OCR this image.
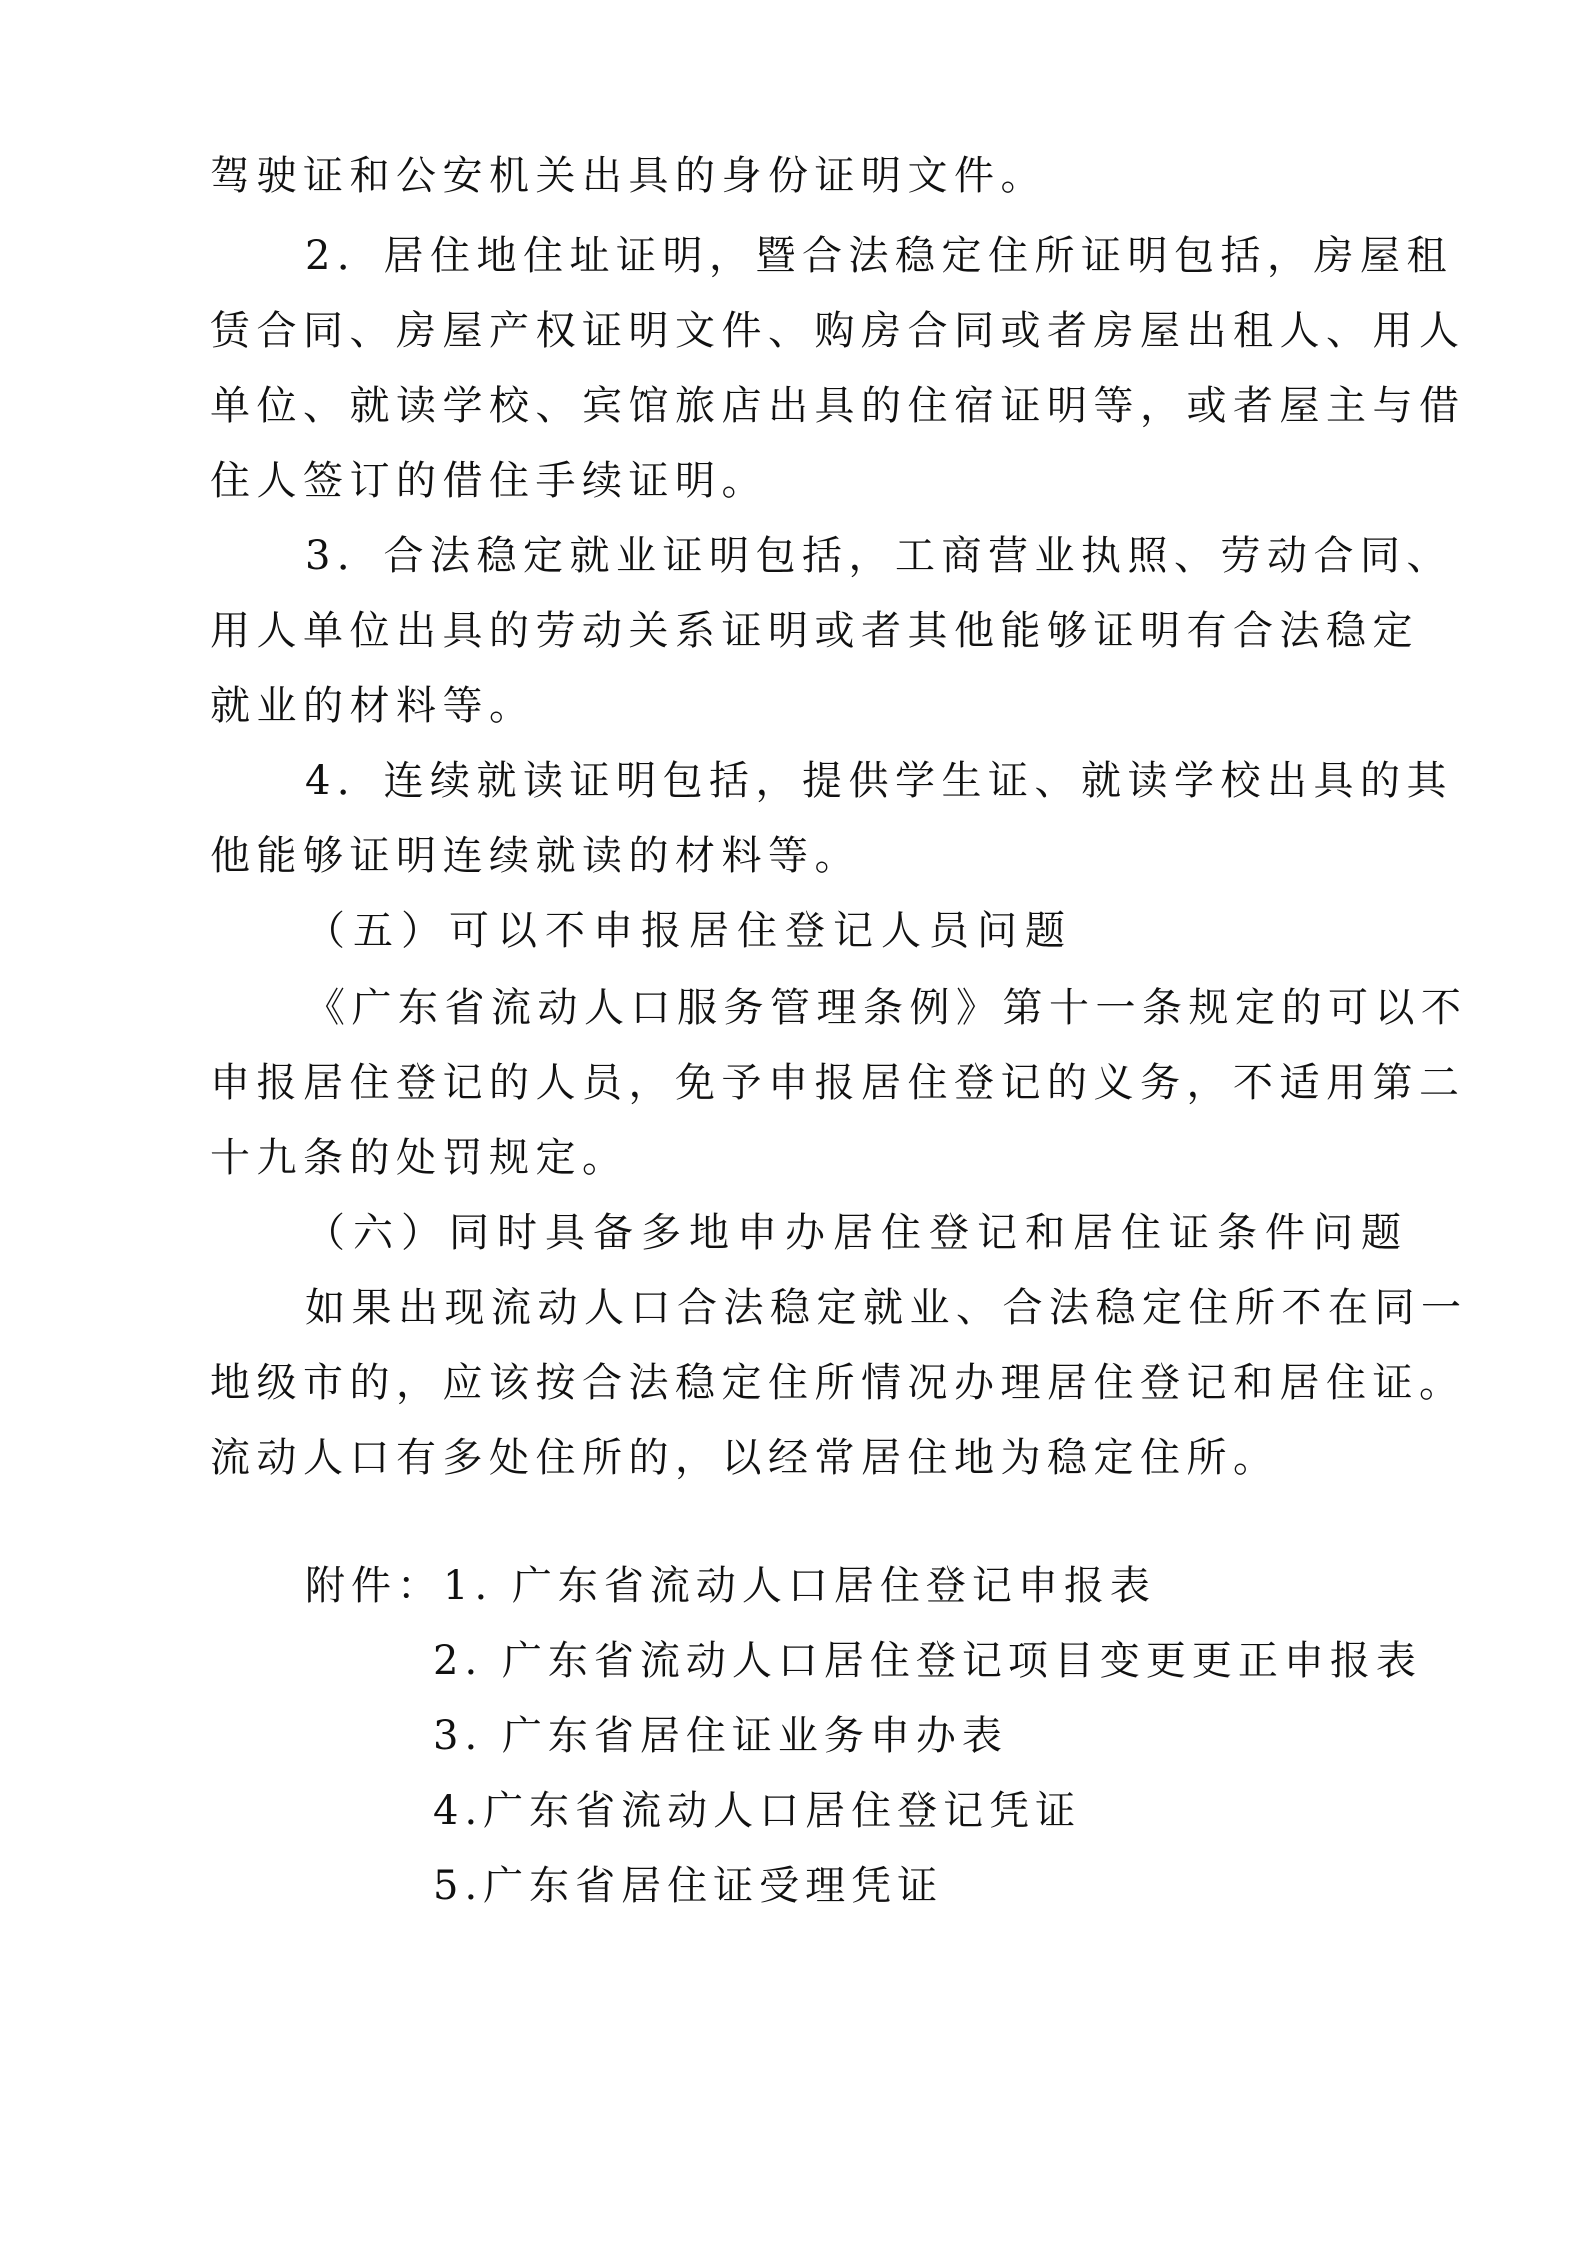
驾驶证和公安机关出具的身份证明文件。
2．居住地住址证明，暨合法稳定住所证明包括，房屋租
赁合同、房屋产权证明文件、购房合同或者房屋出租人、用人
单位、就读学校、宾馆旅店出具的住宿证明等，或者屋主与借
住人签订的借住手续证明。
3．合法稳定就业证明包括，工商营业执照、劳动合同、
用人单位出具的劳动关系证明或者其他能够证明有合法稳定
就业的材料等。
4．连续就读证明包括，提供学生证、就读学校出具的其
他能够证明连续就读的材料等。
（五）可以不申报居住登记人员问题
《广东省流动人口服务管理条例》第十一条规定的可以不
申报居住登记的人员，免予申报居住登记的义务，不适用第二
十九条的处罚规定。
（六）同时具备多地申办居住登记和居住证条件问题
如果出现流动人口合法稳定就业、合法稳定住所不在同一
地级市的，应该按合法稳定住所情况办理居住登记和居住证。
流动人口有多处住所的，以经常居住地为稳定住所。
附件：1. 广东省流动人口居住登记申报表
2. 广东省流动人口居住登记项目变更更正申报表
3. 广东省居住证业务申办表
4.广东省流动人口居住登记凭证
5.广东省居住证受理凭证
